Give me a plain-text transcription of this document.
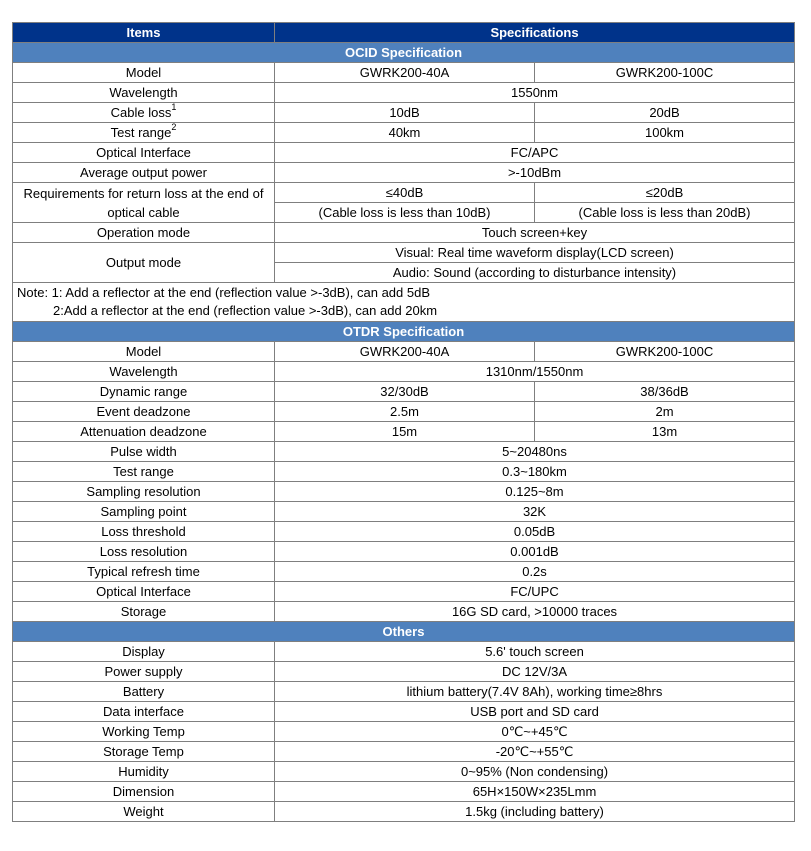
Items	Specifications	
OCID Specification		
Model	GWRK200-40A	GWRK200-100C
Wavelength	1550nm	
Cable loss$^1$	10dB	20dB
Test range$^2$	40km	100km
Optical Interface	FC/APC	
Average output power	>-10dBm	
Requirements for return loss at the end of optical cable	≤40dB	≤20dB
	(Cable loss is less than 10dB)	(Cable loss is less than 20dB)
Operation mode	Touch screen+key	
Output mode	Visual: Real time waveform display(LCD screen)	
	Audio: Sound (according to disturbance intensity)	

Note: 1: Add a reflector at the end (reflection value >-3dB), can add 5dB
2:Add a reflector at the end (reflection value >-3dB), can add 20km		

OTDR Specification		
Model	GWRK200-40A	GWRK200-100C
Wavelength	1310nm/1550nm	
Dynamic range	32/30dB	38/36dB
Event deadzone	2.5m	2m
Attenuation deadzone	15m	13m
Pulse width	5~20480ns	
Test range	0.3~180km	
Sampling resolution	0.125~8m	
Sampling point	32K	
Loss threshold	0.05dB	
Loss resolution	0.001dB	
Typical refresh time	0.2s	
Optical Interface	FC/UPC	
Storage	16G SD card, >10000 traces	
Others		
Display	5.6' touch screen	
Power supply	DC 12V/3A	
Battery	lithium battery(7.4V 8Ah), working time≥8hrs	
Data interface	USB port and SD card	
Working Temp	0℃~+45℃	
Storage Temp	-20℃~+55℃	
Humidity	0~95% (Non condensing)	
Dimension	65H×150W×235Lmm	
Weight	1.5kg (including battery)	
